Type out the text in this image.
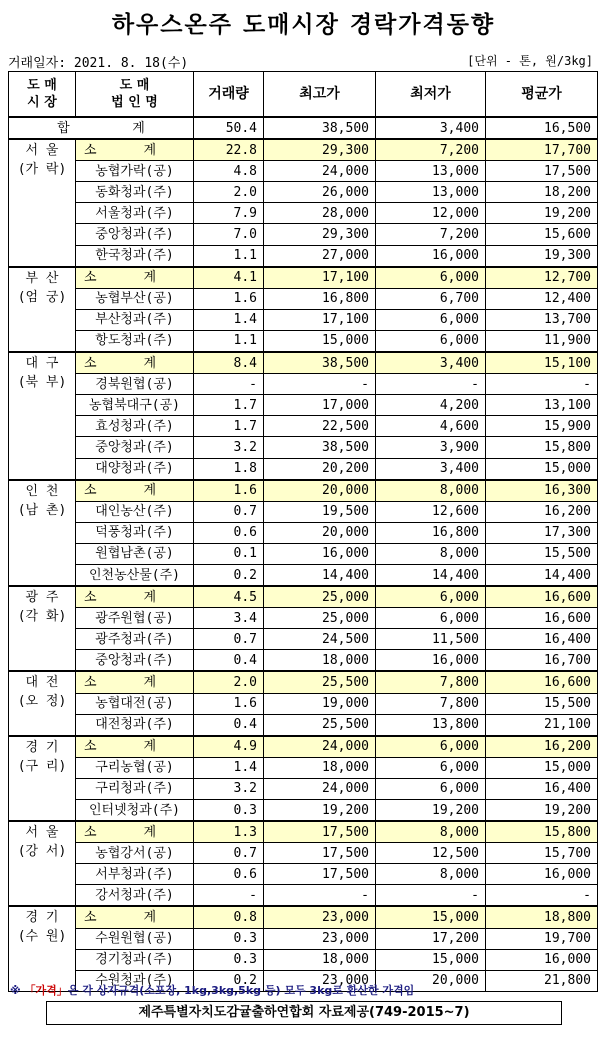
하우스온주 도매시장 경락가격동향
거래일자: 2021. 8. 18(수)	[단위 - 톤, 원/3kg]
도 매
시 장	도 매
법 인 명	거래량	최고가	최저가	평균가
합        계		50.4	38,500	3,400	16,500

서 울
(가 락)	소      계	22.8	29,300	7,200	17,700
	농협가락(공)	4.8	24,000	13,000	17,500
	동화청과(주)	2.0	26,000	13,000	18,200
	서울청과(주)	7.9	28,000	12,000	19,200
	중앙청과(주)	7.0	29,300	7,200	15,600
	한국청과(주)	1.1	27,000	16,000	19,300

부 산
(엄 궁)	소      계	4.1	17,100	6,000	12,700
	농협부산(공)	1.6	16,800	6,700	12,400
	부산청과(주)	1.4	17,100	6,000	13,700
	항도청과(주)	1.1	15,000	6,000	11,900

대 구
(북 부)	소      계	8.4	38,500	3,400	15,100
	경북원협(공)	-	-	-	-
	농협북대구(공)	1.7	17,000	4,200	13,100
	효성청과(주)	1.7	22,500	4,600	15,900
	중앙청과(주)	3.2	38,500	3,900	15,800
	대양청과(주)	1.8	20,200	3,400	15,000

인 천
(남 촌)	소      계	1.6	20,000	8,000	16,300
	대인농산(주)	0.7	19,500	12,600	16,200
	덕풍청과(주)	0.6	20,000	16,800	17,300
	원협남촌(공)	0.1	16,000	8,000	15,500
	인천농산물(주)	0.2	14,400	14,400	14,400

광 주
(각 화)	소      계	4.5	25,000	6,000	16,600
	광주원협(공)	3.4	25,000	6,000	16,600
	광주청과(주)	0.7	24,500	11,500	16,400
	중앙청과(주)	0.4	18,000	16,000	16,700

대 전
(오 정)	소      계	2.0	25,500	7,800	16,600
	농협대전(공)	1.6	19,000	7,800	15,500
	대전청과(주)	0.4	25,500	13,800	21,100

경 기
(구 리)	소      계	4.9	24,000	6,000	16,200
	구리농협(공)	1.4	18,000	6,000	15,000
	구리청과(주)	3.2	24,000	6,000	16,400
	인터넷청과(주)	0.3	19,200	19,200	19,200

서 울
(강 서)	소      계	1.3	17,500	8,000	15,800
	농협강서(공)	0.7	17,500	12,500	15,700
	서부청과(주)	0.6	17,500	8,000	16,000
	강서청과(주)	-	-	-	-

경 기
(수 원)	소      계	0.8	23,000	15,000	18,800
	수원원협(공)	0.3	23,000	17,200	19,700
	경기청과(주)	0.3	18,000	15,000	16,000
	수원청과(주)	0.2	23,000	20,000	21,800
※ 「가격」은 각 상자규격(소포장, 1kg,3kg,5kg 등) 모두 3kg로 환산한 가격임
제주특별자치도감귤출하연합회 자료제공(749-2015~7)
